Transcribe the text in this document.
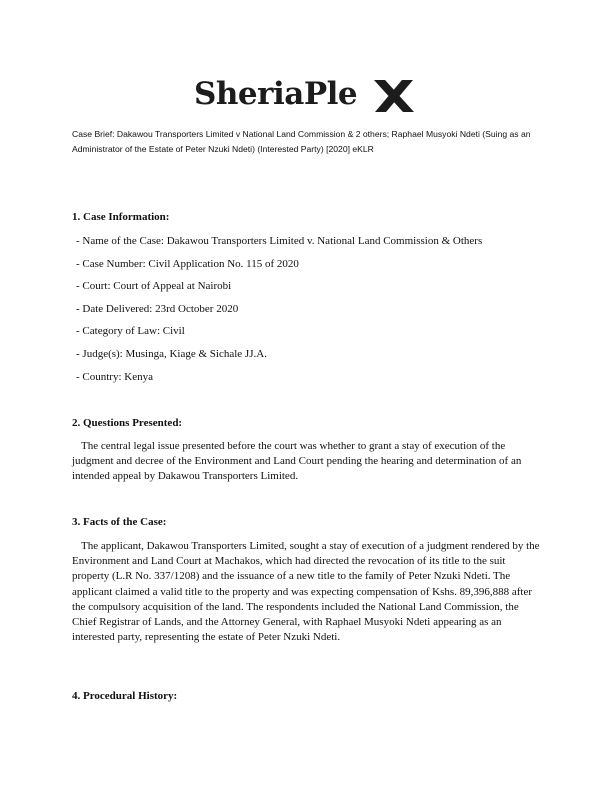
SheriaPle
Case Brief: Dakawou Transporters Limited v National Land Commission & 2 others; Raphael Musyoki Ndeti (Suing as an Administrator of the Estate of Peter Nzuki Ndeti) (Interested Party) [2020] eKLR
1. Case Information:
- Name of the Case: Dakawou Transporters Limited v. National Land Commission & Others
- Case Number: Civil Application No. 115 of 2020
- Court: Court of Appeal at Nairobi
- Date Delivered: 23rd October 2020
- Category of Law: Civil
- Judge(s): Musinga, Kiage & Sichale JJ.A.
- Country: Kenya
2. Questions Presented:
The central legal issue presented before the court was whether to grant a stay of execution of the judgment and decree of the Environment and Land Court pending the hearing and determination of an intended appeal by Dakawou Transporters Limited.
3. Facts of the Case:
The applicant, Dakawou Transporters Limited, sought a stay of execution of a judgment rendered by the Environment and Land Court at Machakos, which had directed the revocation of its title to the suit property (L.R No. 337/1208) and the issuance of a new title to the family of Peter Nzuki Ndeti. The applicant claimed a valid title to the property and was expecting compensation of Kshs. 89,396,888 after the compulsory acquisition of the land. The respondents included the National Land Commission, the Chief Registrar of Lands, and the Attorney General, with Raphael Musyoki Ndeti appearing as an interested party, representing the estate of Peter Nzuki Ndeti.
4. Procedural History:
